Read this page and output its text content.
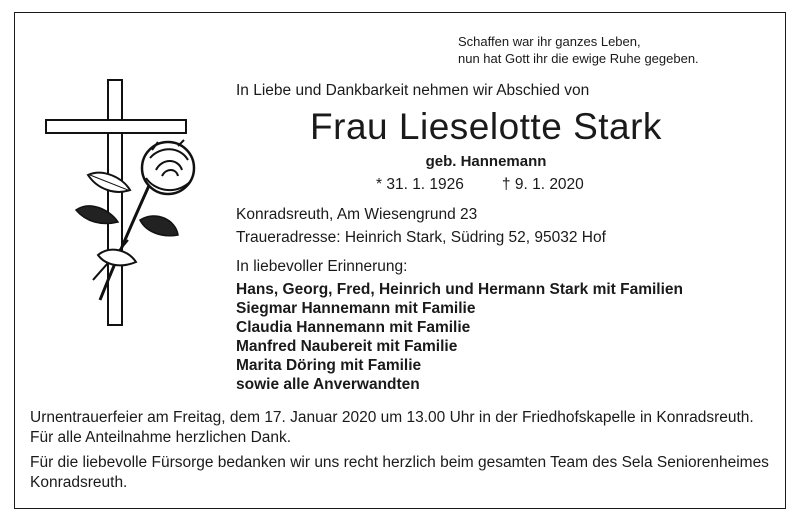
Schaffen war ihr ganzes Leben,
nun hat Gott ihr die ewige Ruhe gegeben.
In Liebe und Dankbarkeit nehmen wir Abschied von
Frau Lieselotte Stark
geb. Hannemann
* 31. 1. 1926 † 9. 1. 2020
Konradsreuth, Am Wiesengrund 23
Traueradresse: Heinrich Stark, Südring 52, 95032 Hof
In liebevoller Erinnerung:
Hans, Georg, Fred, Heinrich und Hermann Stark mit Familien
Siegmar Hannemann mit Familie
Claudia Hannemann mit Familie
Manfred Naubereit mit Familie
Marita Döring mit Familie
sowie alle Anverwandten
Urnentrauerfeier am Freitag, dem 17. Januar 2020 um 13.00 Uhr in der Friedhofskapelle in Konradsreuth. Für alle Anteilnahme herzlichen Dank.
Für die liebevolle Fürsorge bedanken wir uns recht herzlich beim gesamten Team des Sela Seniorenheimes Konradsreuth.
